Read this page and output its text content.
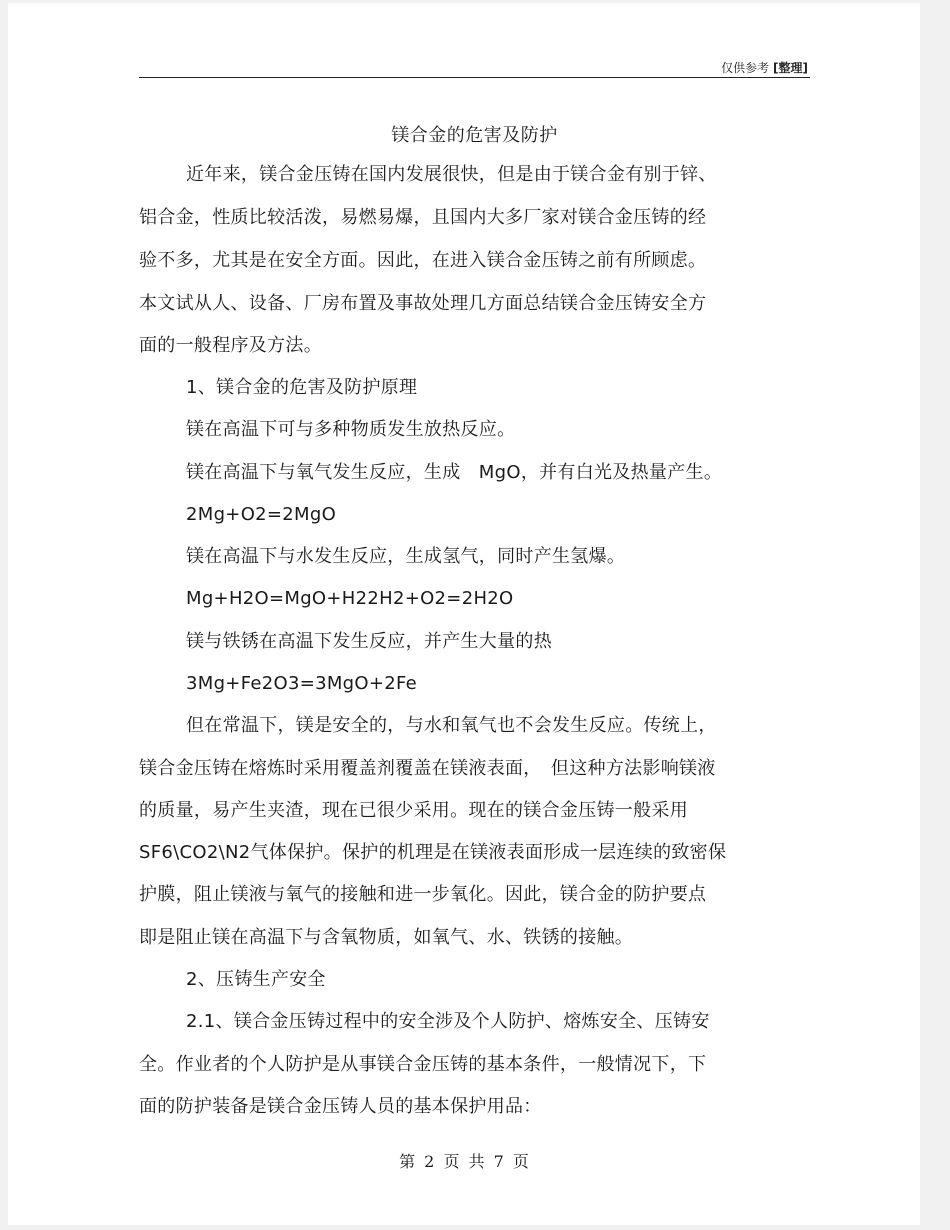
仅供参考 [整理]
镁合金的危害及防护
近年来，镁合金压铸在国内发展很快，但是由于镁合金有别于锌、
铝合金，性质比较活泼，易燃易爆，且国内大多厂家对镁合金压铸的经
验不多，尤其是在安全方面。因此，在进入镁合金压铸之前有所顾虑。
本文试从人、设备、厂房布置及事故处理几方面总结镁合金压铸安全方
面的一般程序及方法。
1、镁合金的危害及防护原理
镁在高温下可与多种物质发生放热反应。
镁在高温下与氧气发生反应，生成　MgO，并有白光及热量产生。
2Mg+O2=2MgO
镁在高温下与水发生反应，生成氢气，同时产生氢爆。
Mg+H2O=MgO+H22H2+O2=2H2O
镁与铁锈在高温下发生反应，并产生大量的热
3Mg+Fe2O3=3MgO+2Fe
但在常温下，镁是安全的，与水和氧气也不会发生反应。传统上，
镁合金压铸在熔炼时采用覆盖剂覆盖在镁液表面，　但这种方法影响镁液
的质量，易产生夹渣，现在已很少采用。现在的镁合金压铸一般采用
SF6\CO2\N2气体保护。保护的机理是在镁液表面形成一层连续的致密保
护膜，阻止镁液与氧气的接触和进一步氧化。因此，镁合金的防护要点
即是阻止镁在高温下与含氧物质，如氧气、水、铁锈的接触。
2、压铸生产安全
2.1、镁合金压铸过程中的安全涉及个人防护、熔炼安全、压铸安
全。作业者的个人防护是从事镁合金压铸的基本条件，一般情况下，下
面的防护装备是镁合金压铸人员的基本保护用品：
第 2 页 共 7 页
